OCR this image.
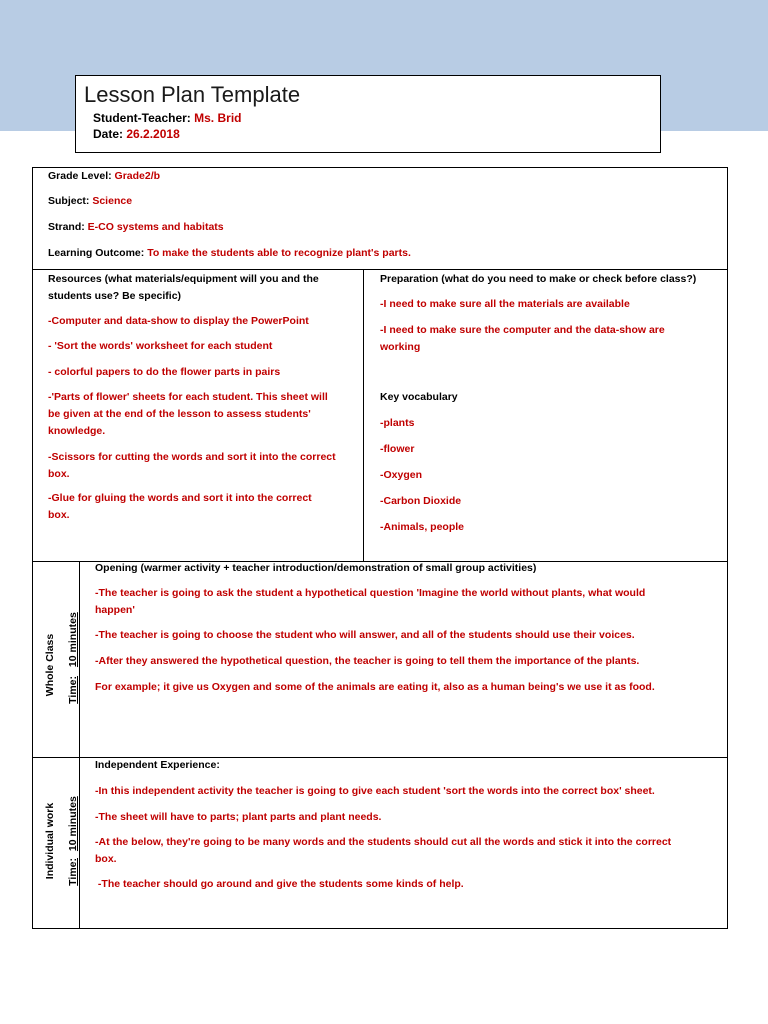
Lesson Plan Template
Student-Teacher: Ms. Brid
Date: 26.2.2018
Grade Level: Grade2/b
Subject: Science
Strand: E-CO systems and habitats
Learning Outcome: To make the students able to recognize plant's parts.
Resources (what materials/equipment will you and the
students use? Be specific)
-Computer and data-show to display the PowerPoint
- 'Sort the words' worksheet for each student
- colorful papers to do the flower parts in pairs
-'Parts of flower' sheets for each student. This sheet will
be given at the end of the lesson to assess students'
knowledge.
-Scissors for cutting the words and sort it into the correct
box.
-Glue for gluing the words and sort it into the correct
box.
Preparation (what do you need to make or check before class?)
-I need to make sure all the materials are available
-I need to make sure the computer and the data-show are
working
Key vocabulary
-plants
-flower
-Oxygen
-Carbon Dioxide
-Animals, people
Whole Class Time: 10 minutes
Opening (warmer activity + teacher introduction/demonstration of small group activities)
-The teacher is going to ask the student a hypothetical question 'Imagine the world without plants, what would
happen'
-The teacher is going to choose the student who will answer, and all of the students should use their voices.
-After they answered the hypothetical question, the teacher is going to tell them the importance of the plants.
For example; it give us Oxygen and some of the animals are eating it, also as a human being's we use it as food.
Individual work Time: 10 minutes
Independent Experience:
-In this independent activity the teacher is going to give each student 'sort the words into the correct box' sheet.
-The sheet will have to parts; plant parts and plant needs.
-At the below, they're going to be many words and the students should cut all the words and stick it into the correct
box.
-The teacher should go around and give the students some kinds of help.
